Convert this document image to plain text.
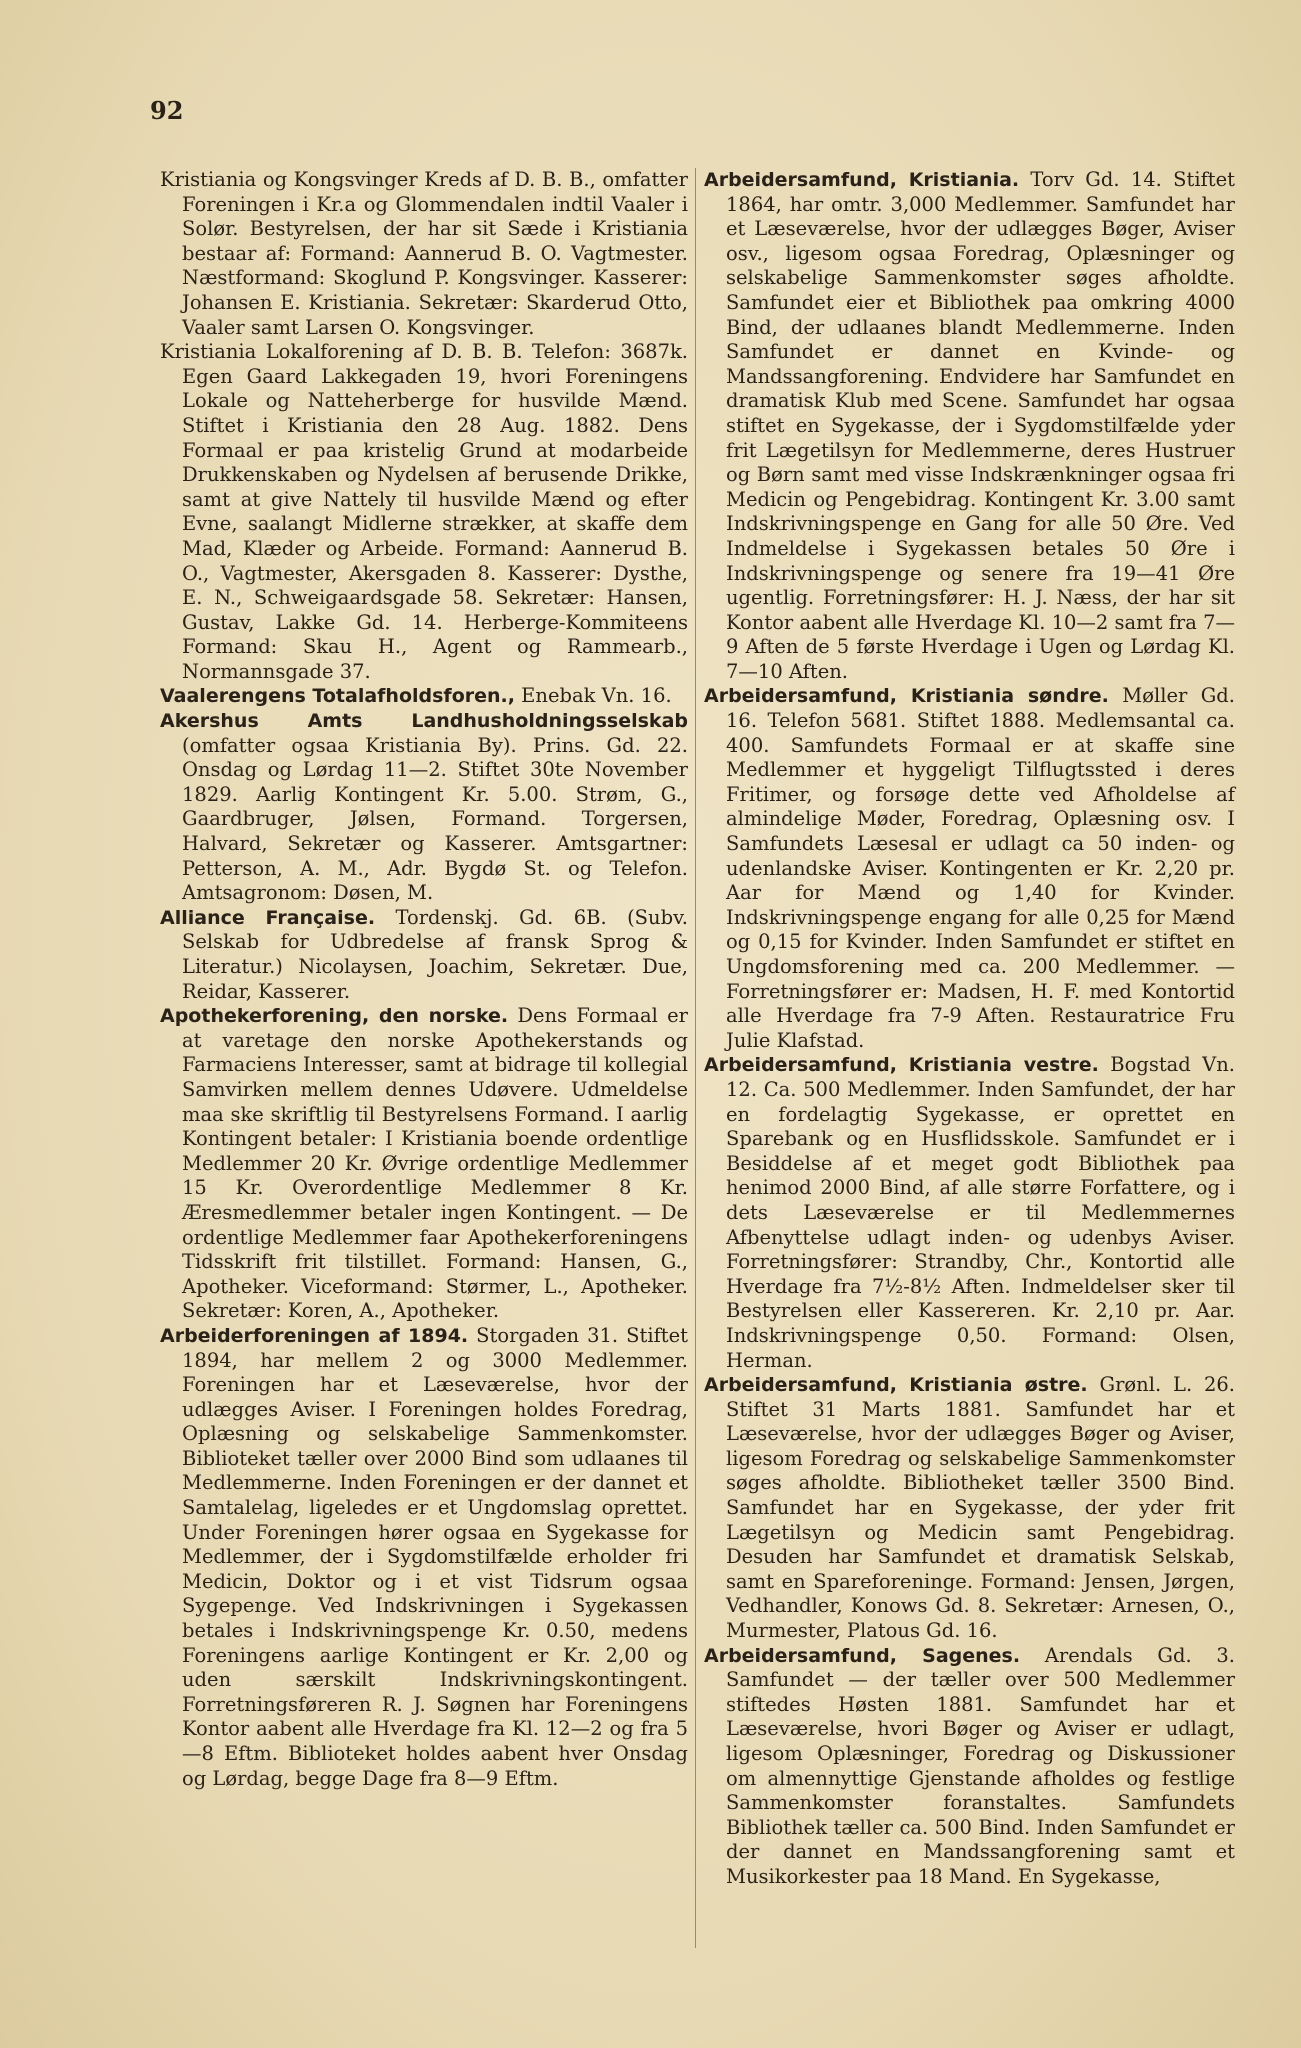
92

Kristiania og Kongsvinger Kreds af D. B. B., omfatter Foreningen i Kr.a og Glommendalen indtil Vaaler i Solør. Bestyrelsen, der har sit Sæde i Kristiania bestaar af: Formand: Aannerud B. O. Vagtmester. Næstformand: Skoglund P. Kongsvinger. Kasserer: Johansen E. Kristiania. Sekretær: Skarderud Otto, Vaaler samt Larsen O. Kongsvinger.

Kristiania Lokalforening af D. B. B. Telefon: 3687k. Egen Gaard Lakkegaden 19, hvori Foreningens Lokale og Natteherberge for husvilde Mænd. Stiftet i Kristiania den 28 Aug. 1882. Dens Formaal er paa kristelig Grund at modarbeide Drukkenskaben og Nydelsen af berusende Drikke, samt at give Nattely til husvilde Mænd og efter Evne, saalangt Midlerne strækker, at skaffe dem Mad, Klæder og Arbeide. Formand: Aannerud B. O., Vagtmester, Akersgaden 8. Kasserer: Dysthe, E. N., Schweigaardsgade 58. Sekretær: Hansen, Gustav, Lakke Gd. 14. Herberge-Kommiteens Formand: Skau H., Agent og Rammearb., Normannsgade 37.

Vaalerengens Totalafholdsforen., Enebak Vn. 16.

Akershus Amts Landhusholdningsselskab (omfatter ogsaa Kristiania By). Prins. Gd. 22. Onsdag og Lørdag 11—2. Stiftet 30te November 1829. Aarlig Kontingent Kr. 5.00. Strøm, G., Gaardbruger, Jølsen, Formand. Torgersen, Halvard, Sekretær og Kasserer. Amtsgartner: Petterson, A. M., Adr. Bygdø St. og Telefon. Amtsagronom: Døsen, M.

Alliance Française. Tordenskj. Gd. 6B. (Subv. Selskab for Udbredelse af fransk Sprog & Literatur.) Nicolaysen, Joachim, Sekretær. Due, Reidar, Kasserer.

Apothekerforening, den norske. Dens Formaal er at varetage den norske Apothekerstands og Farmaciens Interesser, samt at bidrage til kollegial Samvirken mellem dennes Udøvere. Udmeldelse maa ske skriftlig til Bestyrelsens Formand. I aarlig Kontingent betaler: I Kristiania boende ordentlige Medlemmer 20 Kr. Øvrige ordentlige Medlemmer 15 Kr. Overordentlige Medlemmer 8 Kr. Æresmedlemmer betaler ingen Kontingent. — De ordentlige Medlemmer faar Apothekerforeningens Tidsskrift frit tilstillet. Formand: Hansen, G., Apotheker. Viceformand: Størmer, L., Apotheker. Sekretær: Koren, A., Apotheker.

Arbeiderforeningen af 1894. Storgaden 31. Stiftet 1894, har mellem 2 og 3000 Medlemmer. Foreningen har et Læseværelse, hvor der udlægges Aviser. I Foreningen holdes Foredrag, Oplæsning og selskabelige Sammenkomster. Biblioteket tæller over 2000 Bind som udlaanes til Medlemmerne. Inden Foreningen er der dannet et Samtalelag, ligeledes er et Ungdomslag oprettet. Under Foreningen hører ogsaa en Sygekasse for Medlemmer, der i Sygdomstilfælde erholder fri Medicin, Doktor og i et vist Tidsrum ogsaa Sygepenge. Ved Indskrivningen i Sygekassen betales i Indskrivningspenge Kr. 0.50, medens Foreningens aarlige Kontingent er Kr. 2,00 og uden særskilt Indskrivningskontingent. Forretningsføreren R. J. Søgnen har Foreningens Kontor aabent alle Hverdage fra Kl. 12—2 og fra 5—8 Eftm. Biblioteket holdes aabent hver Onsdag og Lørdag, begge Dage fra 8—9 Eftm.

Arbeidersamfund, Kristiania. Torv Gd. 14. Stiftet 1864, har omtr. 3,000 Medlemmer. Samfundet har et Læseværelse, hvor der udlægges Bøger, Aviser osv., ligesom ogsaa Foredrag, Oplæsninger og selskabelige Sammenkomster søges afholdte. Samfundet eier et Bibliothek paa omkring 4000 Bind, der udlaanes blandt Medlemmerne. Inden Samfundet er dannet en Kvinde- og Mandssangforening. Endvidere har Samfundet en dramatisk Klub med Scene. Samfundet har ogsaa stiftet en Sygekasse, der i Sygdomstilfælde yder frit Lægetilsyn for Medlemmerne, deres Hustruer og Børn samt med visse Indskrænkninger ogsaa fri Medicin og Pengebidrag. Kontingent Kr. 3.00 samt Indskrivningspenge en Gang for alle 50 Øre. Ved Indmeldelse i Sygekassen betales 50 Øre i Indskrivningspenge og senere fra 19—41 Øre ugentlig. Forretningsfører: H. J. Næss, der har sit Kontor aabent alle Hverdage Kl. 10—2 samt fra 7—9 Aften de 5 første Hverdage i Ugen og Lørdag Kl. 7—10 Aften.

Arbeidersamfund, Kristiania søndre. Møller Gd. 16. Telefon 5681. Stiftet 1888. Medlemsantal ca. 400. Samfundets Formaal er at skaffe sine Medlemmer et hyggeligt Tilflugtssted i deres Fritimer, og forsøge dette ved Afholdelse af almindelige Møder, Foredrag, Oplæsning osv. I Samfundets Læsesal er udlagt ca 50 inden- og udenlandske Aviser. Kontingenten er Kr. 2,20 pr. Aar for Mænd og 1,40 for Kvinder. Indskrivningspenge engang for alle 0,25 for Mænd og 0,15 for Kvinder. Inden Samfundet er stiftet en Ungdomsforening med ca. 200 Medlemmer. — Forretningsfører er: Madsen, H. F. med Kontortid alle Hverdage fra 7-9 Aften. Restauratrice Fru Julie Klafstad.

Arbeidersamfund, Kristiania vestre. Bogstad Vn. 12. Ca. 500 Medlemmer. Inden Samfundet, der har en fordelagtig Sygekasse, er oprettet en Sparebank og en Husflidsskole. Samfundet er i Besiddelse af et meget godt Bibliothek paa henimod 2000 Bind, af alle større Forfattere, og i dets Læseværelse er til Medlemmernes Afbenyttelse udlagt inden- og udenbys Aviser. Forretningsfører: Strandby, Chr., Kontortid alle Hverdage fra 7½-8½ Aften. Indmeldelser sker til Bestyrelsen eller Kassereren. Kr. 2,10 pr. Aar. Indskrivningspenge 0,50. Formand: Olsen, Herman.

Arbeidersamfund, Kristiania østre. Grønl. L. 26. Stiftet 31 Marts 1881. Samfundet har et Læseværelse, hvor der udlægges Bøger og Aviser, ligesom Foredrag og selskabelige Sammenkomster søges afholdte. Bibliotheket tæller 3500 Bind. Samfundet har en Sygekasse, der yder frit Lægetilsyn og Medicin samt Pengebidrag. Desuden har Samfundet et dramatisk Selskab, samt en Spareforeninge. Formand: Jensen, Jørgen, Vedhandler, Konows Gd. 8. Sekretær: Arnesen, O., Murmester, Platous Gd. 16.

Arbeidersamfund, Sagenes. Arendals Gd. 3. Samfundet — der tæller over 500 Medlemmer stiftedes Høsten 1881. Samfundet har et Læseværelse, hvori Bøger og Aviser er udlagt, ligesom Oplæsninger, Foredrag og Diskussioner om almennyttige Gjenstande afholdes og festlige Sammenkomster foranstaltes. Samfundets Bibliothek tæller ca. 500 Bind. Inden Samfundet er der dannet en Mandssangforening samt et Musikorkester paa 18 Mand. En Sygekasse,
